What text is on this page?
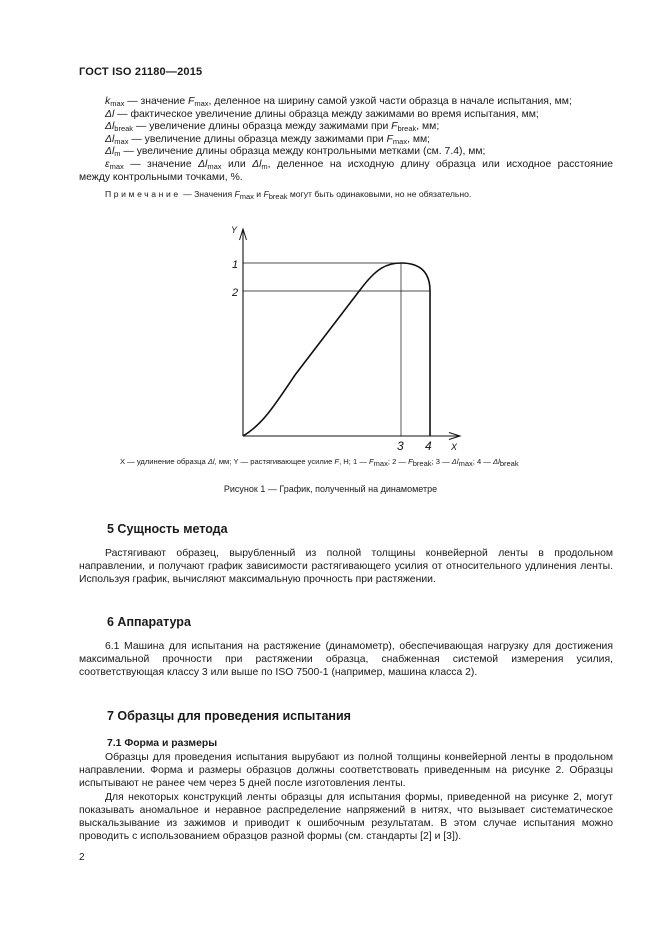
ГОСТ ISO 21180—2015
$k_{max}$ — значение $F_{max}$, деленное на ширину самой узкой части образца в начале испытания, мм;
Δl — фактическое увеличение длины образца между зажимами во время испытания, мм;
$\Delta l_{break}$ — увеличение длины образца между зажимами при $F_{break}$, мм;
$\Delta l_{max}$ — увеличение длины образца между зажимами при $F_{max}$, мм;
$\Delta l_m$ — увеличение длины образца между контрольными метками (см. 7.4), мм;
$\varepsilon_{max}$ — значение $\Delta l_{max}$ или $\Delta l_m$, деленное на исходную длину образца или исходное расстояние
между контрольными точками, %.
Примечание — Значения $F_{max}$ и $F_{break}$ могут быть одинаковыми, но не обязательно.
Y
1
2
3 4 X
X — удлинение образца Δl, мм; Y — растягивающее усилие F, Н; 1 — $F_{max}$; 2 — $F_{break}$; 3 — $\Delta l_{max}$; 4 — $\Delta l_{break}$
Рисунок 1 — График, полученный на динамометре
5 Сущность метода

Растягивают образец, вырубленный из полной толщины конвейерной ленты в продольном направлении, и получают график зависимости растягивающего усилия от относительного удлинения ленты. Используя график, вычисляют максимальную прочность при растяжении.

6 Аппаратура

6.1 Машина для испытания на растяжение (динамометр), обеспечивающая нагрузку для достижения максимальной прочности при растяжении образца, снабженная системой измерения усилия, соответствующая классу 3 или выше по ISO 7500-1 (например, машина класса 2).

7 Образцы для проведения испытания
7.1 Форма и размеры

Образцы для проведения испытания вырубают из полной толщины конвейерной ленты в продольном направлении. Форма и размеры образцов должны соответствовать приведенным на рисунке 2. Образцы испытывают не ранее чем через 5 дней после изготовления ленты.

Для некоторых конструкций ленты образцы для испытания формы, приведенной на рисунке 2, могут показывать аномальное и неравное распределение напряжений в нитях, что вызывает систематическое выскальзывание из зажимов и приводит к ошибочным результатам. В этом случае испытания можно проводить с использованием образцов разной формы (см. стандарты [2] и [3]).

2
